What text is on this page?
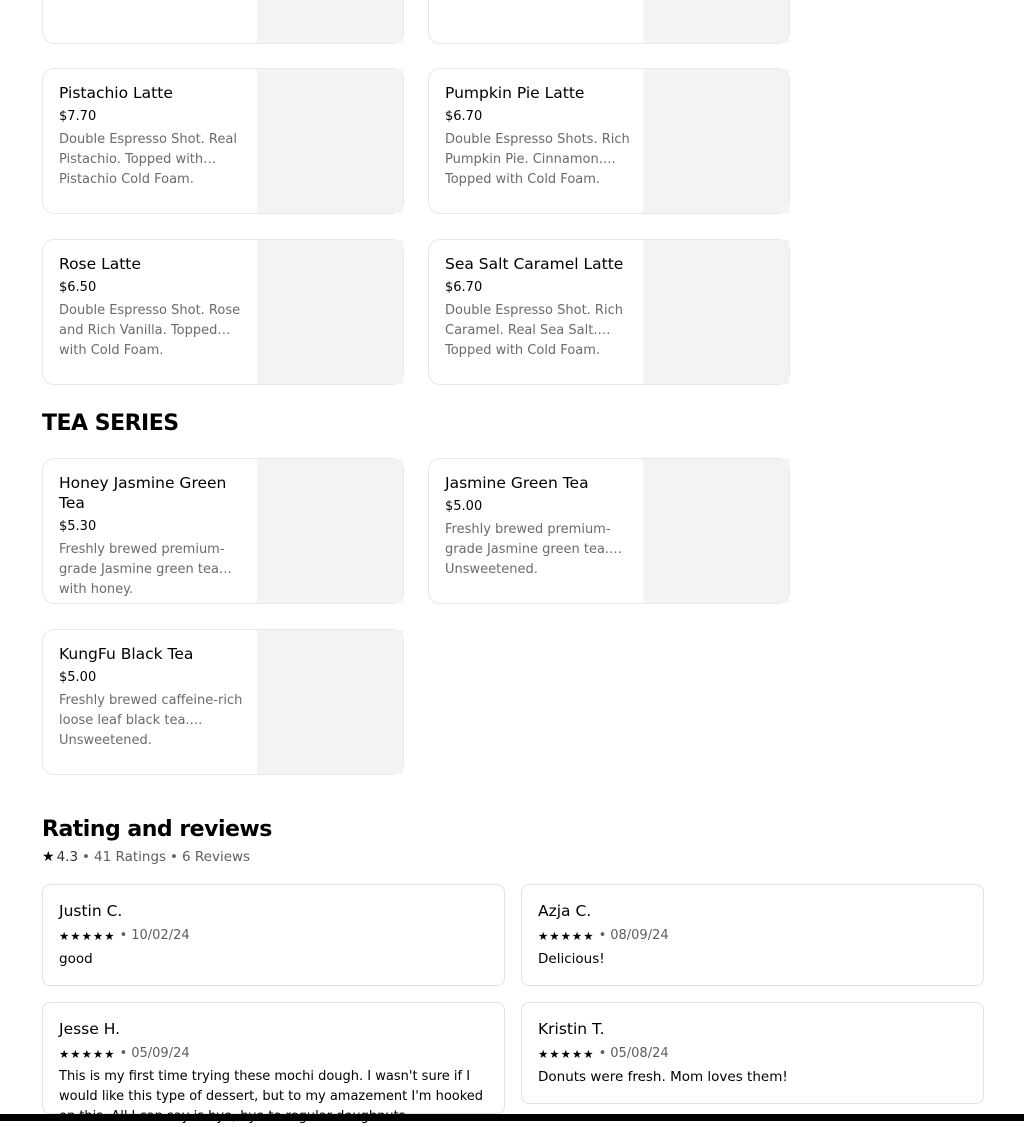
Pistachio Latte
$7.70
Double Espresso Shot. Real Pistachio. Topped with Pistachio Cold Foam.
Pumpkin Pie Latte
$6.70
Double Espresso Shots. Rich Pumpkin Pie. Cinnamon. Topped with Cold Foam.
Rose Latte
$6.50
Double Espresso Shot. Rose and Rich Vanilla. Topped with Cold Foam.
Sea Salt Caramel Latte
$6.70
Double Espresso Shot. Rich Caramel. Real Sea Salt. Topped with Cold Foam.
TEA SERIES
Honey Jasmine Green Tea
$5.30
Freshly brewed premium-grade Jasmine green tea with honey.
Jasmine Green Tea
$5.00
Freshly brewed premium-grade Jasmine green tea. Unsweetened.
KungFu Black Tea
$5.00
Freshly brewed caffeine-rich loose leaf black tea. Unsweetened.
Rating and reviews
★ 4.3 • 41 Ratings • 6 Reviews
Justin C.
★★★★★ • 10/02/24
good
Azja C.
★★★★★ • 08/09/24
Delicious!
Jesse H.
★★★★★ • 05/09/24
This is my first time trying these mochi dough. I wasn't sure if I would like this type of dessert, but to my amazement I'm hooked
Kristin T.
★★★★★ • 05/08/24
Donuts were fresh. Mom loves them!
